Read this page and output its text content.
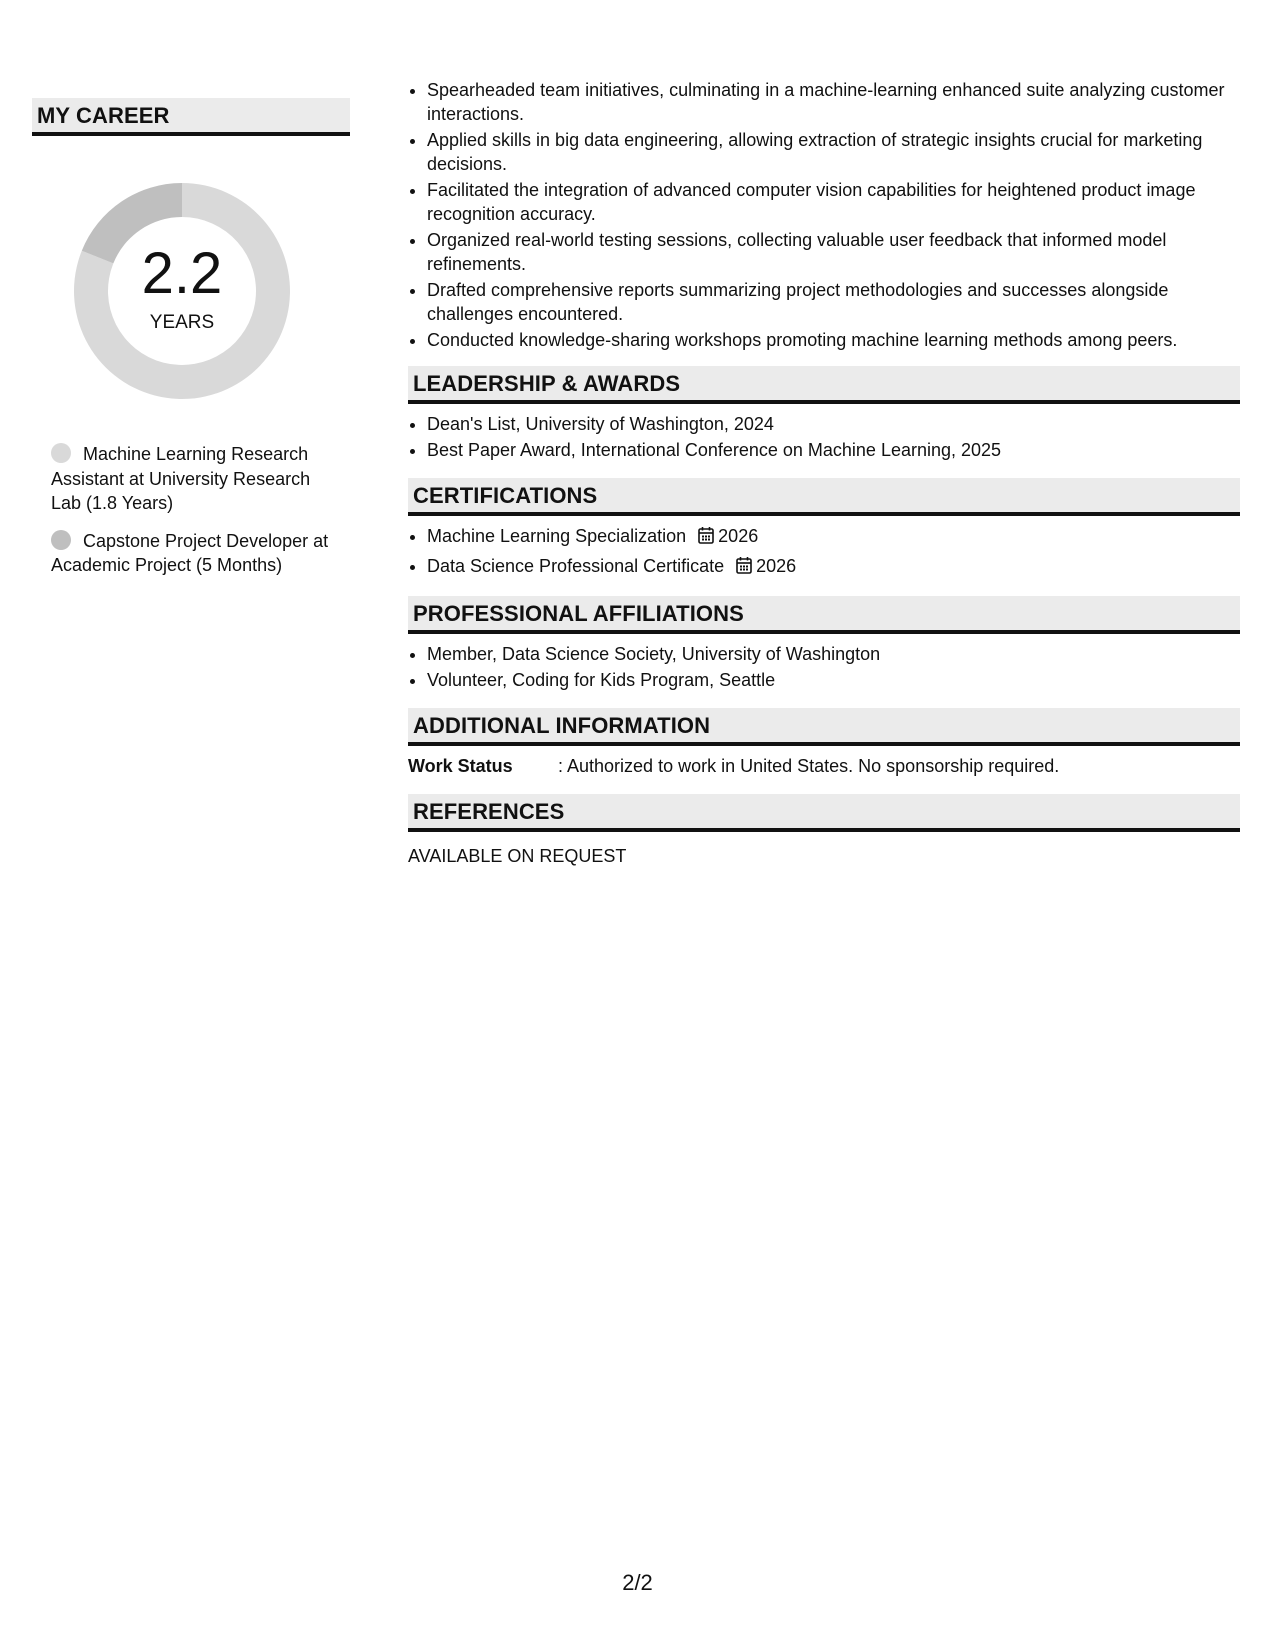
MY CAREER
2.2
YEARS
Machine Learning Research Assistant at University Research Lab (1.8 Years)
Capstone Project Developer at Academic Project (5 Months)
• Spearheaded team initiatives, culminating in a machine-learning enhanced suite analyzing customer interactions.
• Applied skills in big data engineering, allowing extraction of strategic insights crucial for marketing decisions.
• Facilitated the integration of advanced computer vision capabilities for heightened product image recognition accuracy.
• Organized real-world testing sessions, collecting valuable user feedback that informed model refinements.
• Drafted comprehensive reports summarizing project methodologies and successes alongside challenges encountered.
• Conducted knowledge-sharing workshops promoting machine learning methods among peers.
LEADERSHIP & AWARDS
• Dean's List, University of Washington, 2024
• Best Paper Award, International Conference on Machine Learning, 2025
CERTIFICATIONS
• Machine Learning Specialization 2026
• Data Science Professional Certificate 2026
PROFESSIONAL AFFILIATIONS
• Member, Data Science Society, University of Washington
• Volunteer, Coding for Kids Program, Seattle
ADDITIONAL INFORMATION
Work Status	: Authorized to work in United States. No sponsorship required.
REFERENCES
AVAILABLE ON REQUEST
2/2
